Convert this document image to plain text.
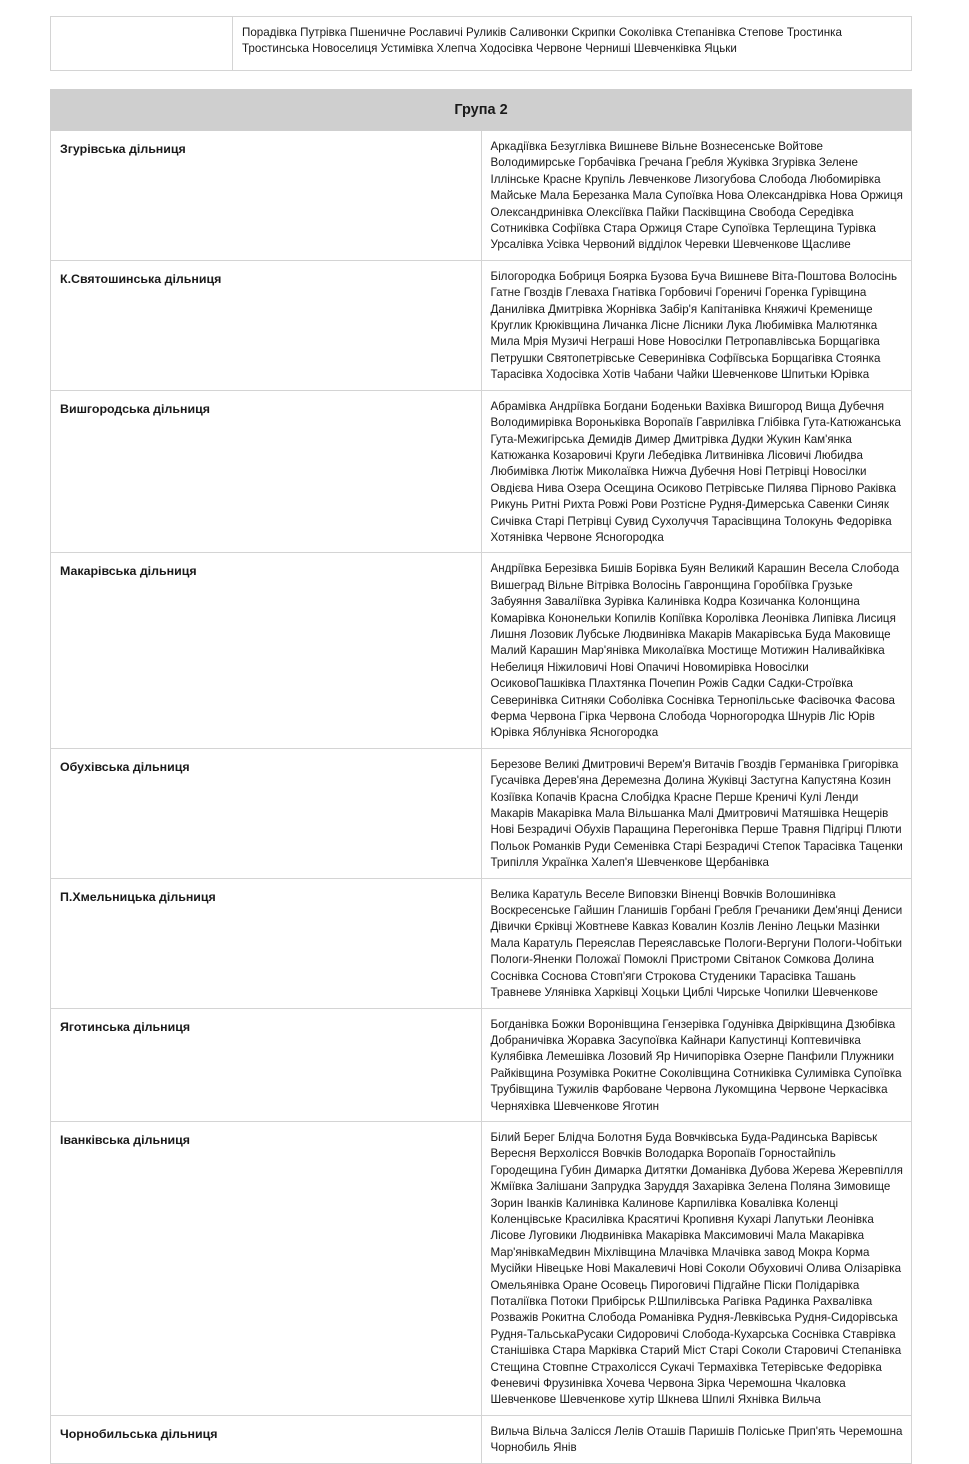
	Порадівка Путрівка Пшеничне Рославичі Руликів Саливонки Скрипки Соколівка Степанівка Степове Тростинка Тростинська Новоселиця Устимівка Хлепча Ходосівка Червоне Черниші Шевченківка Яцьки
Група 2	
Згурівська дільниця	Аркадіївка Безуглівка Вишневе Вільне Вознесенське Войтове Володимирське Горбачівка Гречана Гребля Жуківка Згурівка Зелене Іллінське Красне Крупіль Левченкове Лизогубова Слобода Любомирівка Майське Мала Березанка Мала Супоївка Нова Олександрівка Нова Оржиця Олександринівка Олексіївка Пайки Пасківщина Свобода Середівка Сотниківка Софіївка Стара Оржиця Старе Супоївка Терлещина Турівка Урсалівка Усівка Червоний відділок Черевки Шевченкове Щасливе
К.Святошинська дільниця	Білогородка Бобриця Боярка Бузова Буча Вишневе Віта-Поштова Волосінь Гатне Гвоздів Глеваха Гнатівка Горбовичі Гореничі Горенка Гурівщина Данилівка Дмитрівка Жорнівка Забір'я Капітанівка Княжичі Кременище Круглик Крюківщина Личанка Лісне Лісники Лука Любимівка Малютянка Мила Мрія Музичі Неграші Нове Новосілки Петропавлівська Борщагівка Петрушки Святопетрівське Северинівка Софіївська Борщагівка Стоянка Тарасівка Ходосівка Хотів Чабани Чайки Шевченкове Шпитьки Юрівка
Вишгородська дільниця	Абрамівка Андріївка Богдани Боденьки Вахівка Вишгород Вища Дубечня Володимирівка Вороньківка Воропаїв Гаврилівка Глібівка Гута-Катюжанська Гута-Межигірська Демидів Димер Дмитрівка Дудки Жукин Кам'янка Катюжанка Козаровичі Круги Лебедівка Литвинівка Лісовичі Любидва Любимівка Лютіж Миколаївка Нижча Дубечня Нові Петрівці Новосілки Овдієва Нива Озера Осещина Осиково Петрівське Пилява Пірново Раківка Рикунь Ритні Рихта Ровжі Рови Розтісне Рудня-Димерська Савенки Синяк Сичівка Старі Петрівці Сувид Сухолуччя Тарасівщина Толокунь Федорівка Хотянівка Червоне Ясногородка
Макарівська дільниця	Андріївка Березівка Бишів Борівка Буян Великий Карашин Весела Слобода Вишеград Вільне Вітрівка Волосінь Гавронщина Горобіївка Грузьке Забуяння Заваліївка Зурівка Калинівка Кодра Козичанка Колонщина Комарівка Кононельки Копилів Копіївка Королівка Леонівка Липівка Лисиця Лишня Лозовик Лубське Людвинівка Макарів Макарівська Буда Маковище Малий Карашин Мар'янівка Миколаївка Мостище Мотижин Наливайківка Небелиця Ніжиловичі Нові Опачичі Новомирівка Новосілки ОсиковоПашківка Плахтянка Почепин Рожів Садки Садки-Строївка Северинівка Ситняки Соболівка Соснівка Тернопільське Фасівочка Фасова Ферма Червона Гірка Червона Слобода Чорногородка Шнурів Ліс Юрів Юрівка Яблунівка Ясногородка
Обухівська дільниця	Березове Великі Дмитровичі Верем'я Витачів Гвоздів Германівка Григорівка Гусачівка Дерев'яна Деремезна Долина Жуківці Застугна Капустяна Козин Козіївка Копачів Красна Слобідка Красне Перше Креничі Кулі Ленди Макарів Макарівка Мала Вільшанка Малі Дмитровичі Матяшівка Нещерів Нові Безрадичі Обухів Паращина Перегонівка Перше Травня Підгірці Плюти Польок Романків Руди Семенівка Старі Безрадичі Степок Тарасівка Таценки Трипілля Українка Халеп'я Шевченкове Щербанівка
П.Хмельницька дільниця	Велика Каратуль Веселе Виповзки Віненці Вовчків Волошинівка Воскресенське Гайшин Гланишів Горбані Гребля Гречаники Дем'янці Дениси Дівички Єрківці Жовтневе Кавказ Ковалин Козлів Леніно Лецьки Мазінки Мала Каратуль Переяслав Переяславське Пологи-Вергуни Пологи-Чобітьки Пологи-Яненки Положаї Помоклі Пристроми Світанок Сомкова Долина Соснівка Соснова Стовп'яги Строкова Студеники Тарасівка Ташань Травневе Улянівка Харківці Хоцьки Циблі Чирське Чопилки Шевченкове
Яготинська дільниця	Богданівка Божки Воронівщина Гензерівка Годунівка Двірківщина Дзюбівка Добраничівка Жоравка Засупоївка Кайнари Капустинці Коптевичівка Кулябівка Лемешівка Лозовий Яр Ничипорівка Озерне Панфили Плужники Райківщина Розумівка Рокитне Соколівщина Сотниківка Сулимівка Супоївка Трубівщина Тужилів Фарбоване Червона Лукомщина Червоне Черкасівка Черняхівка Шевченкове Яготин
Іванківська дільниця	Білий Берег Блідча Болотня Буда Вовчківська Буда-Радинська Варівськ Вересня Верхолісся Вовчків Володарка Воропаїв Горностайпіль Городещина Губин Димарка Дитятки Доманівка Дубова Жерева Жеревпілля Жміївка Залішани Запрудка Заруддя Захарівка Зелена Поляна Зимовище Зорин Іванків Калинівка Калинове Карпилівка Ковалівка Коленці Коленцівське Красилівка Красятичі Кропивня Кухарі Лапутьки Леонівка Лісове Луговики Людвинівка Макарівка Максимовичі Мала Макарівка Мар'янівкаМедвин Міхлівщина Млачівка Млачівка завод Мокра Корма Мусійки Нівецьке Нові Макалевичі Нові Соколи Обуховичі Олива Олізарівка Омельянівка Оране Осовець Пироговичі Підгайне Піски Полідарівка Поталіївка Потоки Прибірськ Р.Шпилівська Рагівка Радинка Рахвалівка Розважів Рокитна Слобода Романівка Рудня-Левківська Рудня-Сидорівська Рудня-ТальськаРусаки Сидоровичі Слобода-Кухарська Соснівка Ставрівка Станішівка Стара Марківка Старий Міст Старі Соколи Старовичі Степанівка Стещина Стовпне Страхолісся Сукачі Термахівка Тетерівське Федорівка Феневичі Фрузинівка Хочева Червона Зірка Черемошна Чкаловка Шевченкове Шевченкове хутір Шкнева Шпилі Яхнівка Вильча
Чорнобильська дільниця	Вильча Вільча Залісся Лелів Оташів Паришів Поліське Прип'ять Черемошна Чорнобиль Янів
